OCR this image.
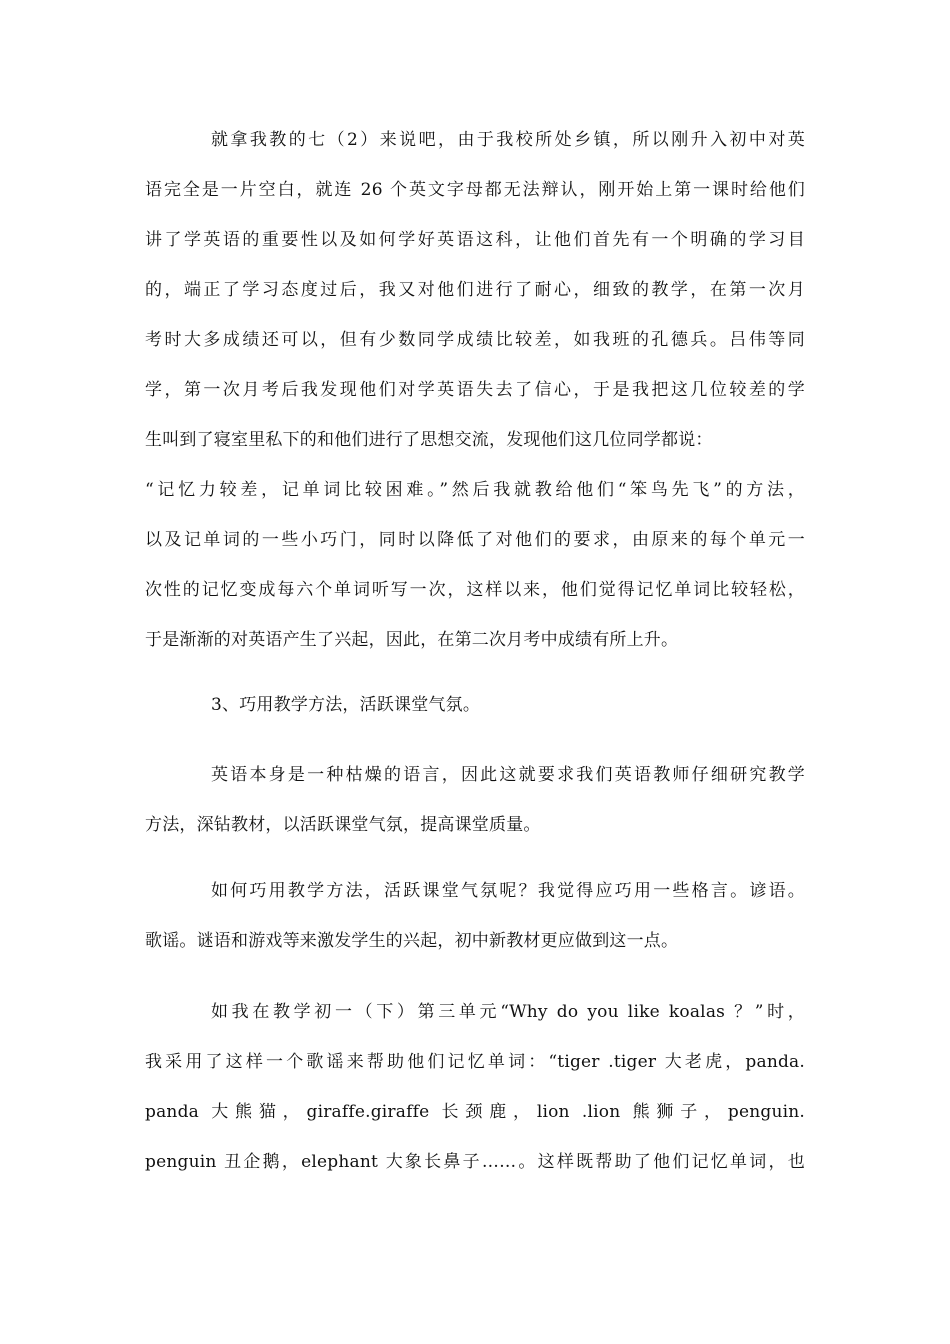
就拿我教的七（2）来说吧，由于我校所处乡镇，所以刚升入初中对英

语完全是一片空白，就连 26 个英文字母都无法辩认，刚开始上第一课时给他们

讲了学英语的重要性以及如何学好英语这科，让他们首先有一个明确的学习目

的，端正了学习态度过后，我又对他们进行了耐心，细致的教学，在第一次月

考时大多成绩还可以，但有少数同学成绩比较差，如我班的孔德兵。吕伟等同

学，第一次月考后我发现他们对学英语失去了信心，于是我把这几位较差的学

生叫到了寝室里私下的和他们进行了思想交流，发现他们这几位同学都说：

“记忆力较差，记单词比较困难。”然后我就教给他们“笨鸟先飞”的方法，

以及记单词的一些小巧门，同时以降低了对他们的要求，由原来的每个单元一

次性的记忆变成每六个单词听写一次，这样以来，他们觉得记忆单词比较轻松，

于是渐渐的对英语产生了兴起，因此，在第二次月考中成绩有所上升。

3、巧用教学方法，活跃课堂气氛。

英语本身是一种枯燥的语言，因此这就要求我们英语教师仔细研究教学

方法，深钻教材，以活跃课堂气氛，提高课堂质量。

如何巧用教学方法，活跃课堂气氛呢？我觉得应巧用一些格言。谚语。

歌谣。谜语和游戏等来激发学生的兴起，初中新教材更应做到这一点。

如我在教学初一（下）第三单元“Why do you like koalas ？”时，

我采用了这样一个歌谣来帮助他们记忆单词：“tiger .tiger 大老虎，panda.

panda 大熊猫，giraffe.giraffe 长颈鹿，lion .lion 熊狮子，penguin.

penguin 丑企鹅，elephant 大象长鼻子……。这样既帮助了他们记忆单词，也
